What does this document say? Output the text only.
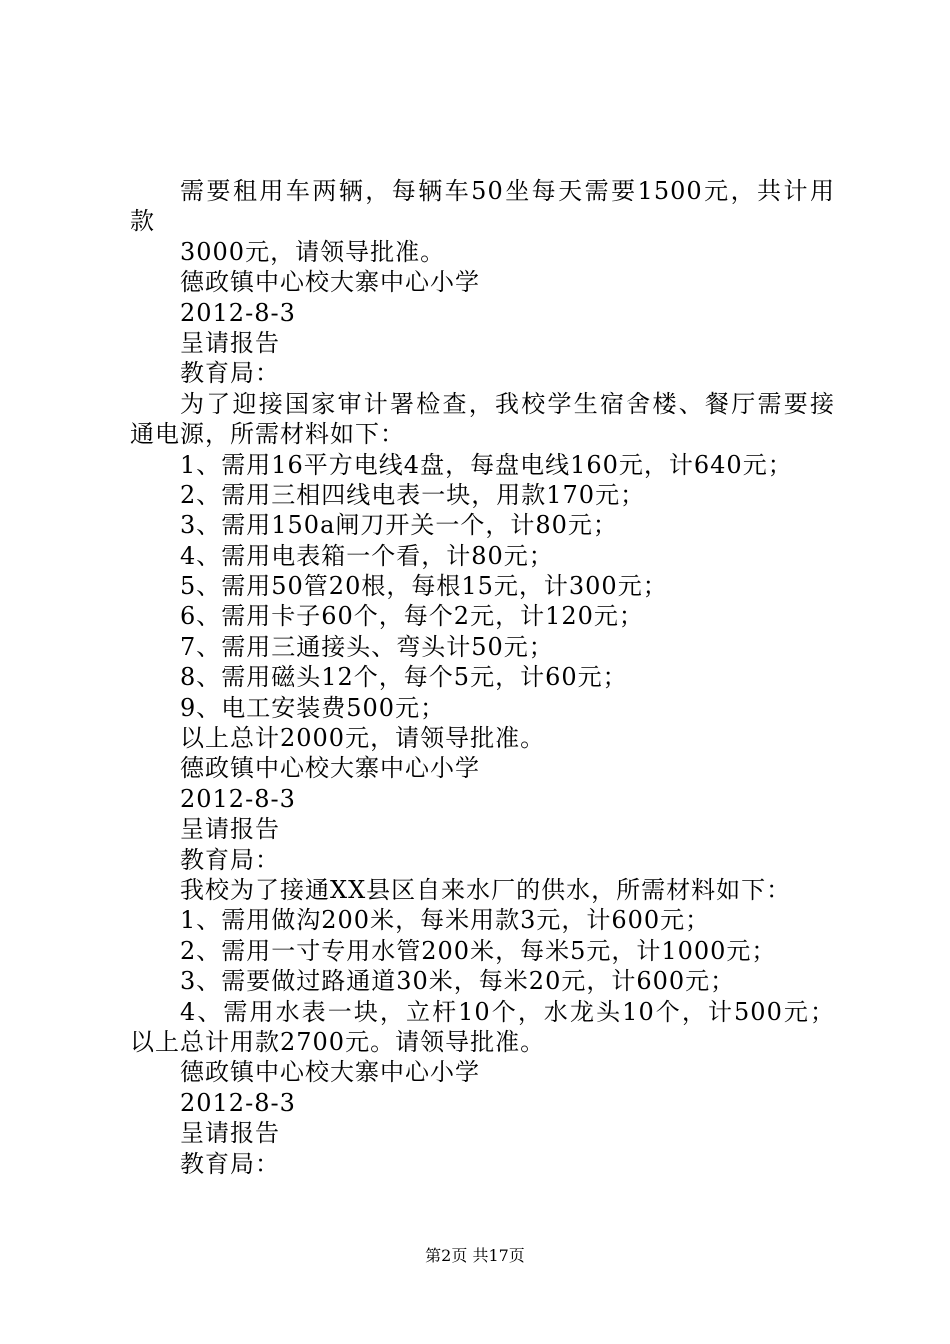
需要租用车两辆，每辆车50坐每天需要1500元，共计用
款
3000元，请领导批准。
德政镇中心校大寨中心小学
2012-8-3
呈请报告
教育局：
为了迎接国家审计署检查，我校学生宿舍楼、餐厅需要接
通电源，所需材料如下：
1、需用16平方电线4盘，每盘电线160元，计640元；
2、需用三相四线电表一块，用款170元；
3、需用150a闸刀开关一个，计80元；
4、需用电表箱一个看，计80元；
5、需用50管20根，每根15元，计300元；
6、需用卡子60个，每个2元，计120元；
7、需用三通接头、弯头计50元；
8、需用磁头12个，每个5元，计60元；
9、电工安装费500元；
以上总计2000元，请领导批准。
德政镇中心校大寨中心小学
2012-8-3
呈请报告
教育局：
我校为了接通XX县区自来水厂的供水，所需材料如下：
1、需用做沟200米，每米用款3元，计600元；
2、需用一寸专用水管200米，每米5元，计1000元；
3、需要做过路通道30米，每米20元，计600元；
4、需用水表一块，立杆10个，水龙头10个，计500元；
以上总计用款2700元。请领导批准。
德政镇中心校大寨中心小学
2012-8-3
呈请报告
教育局：
第2页 共17页
